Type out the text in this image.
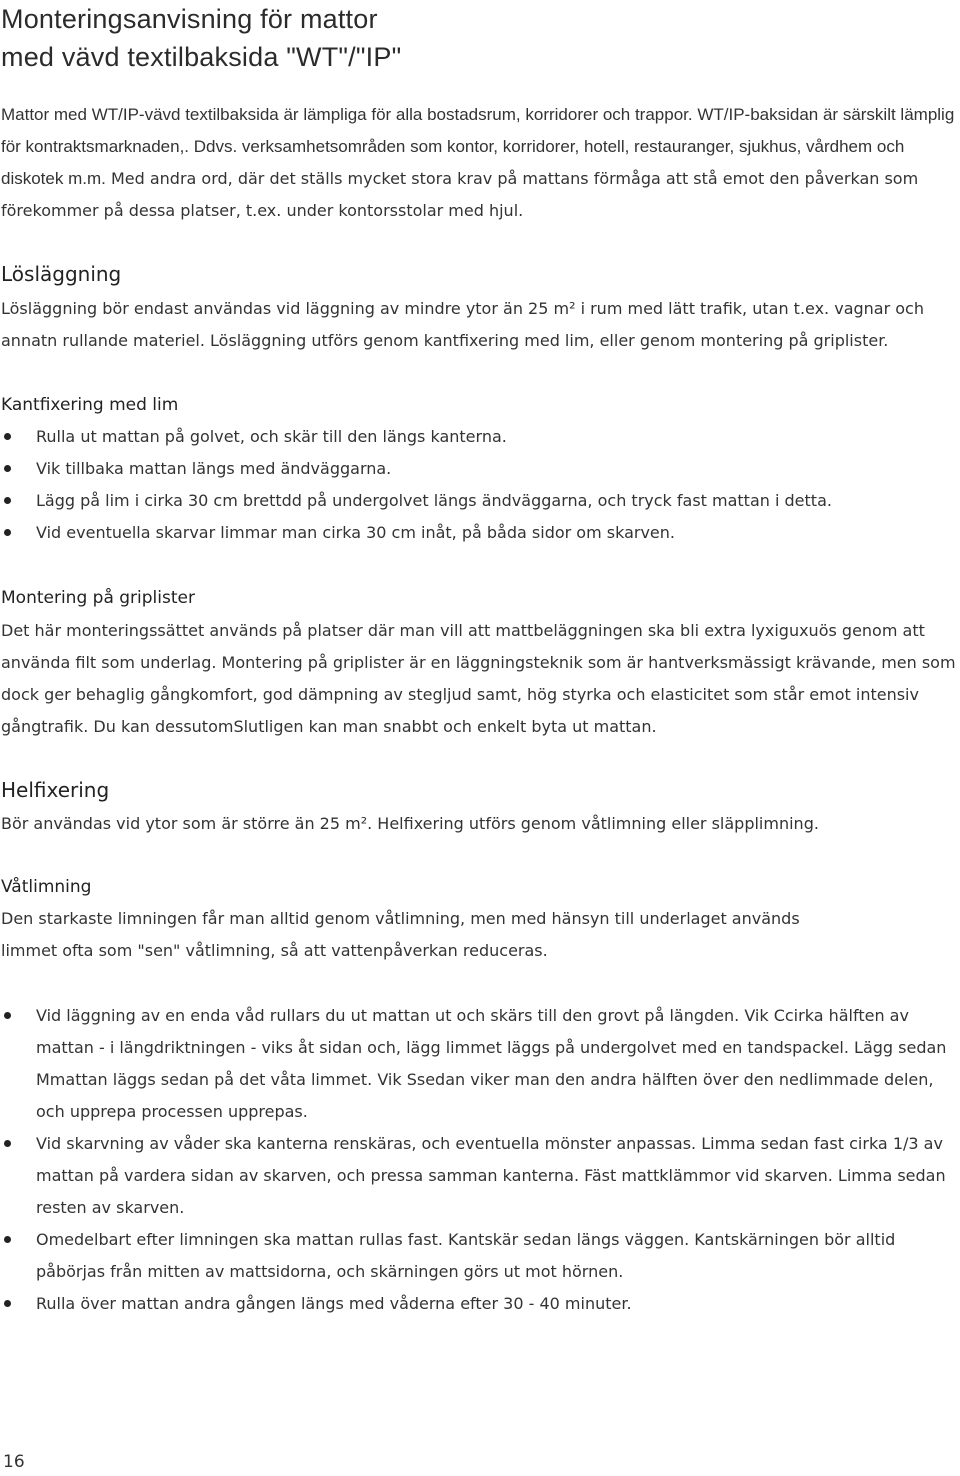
Monteringsanvisning för mattor
med vävd textilbaksida "WT"/"IP"

Mattor med WT/IP-vävd textilbaksida är lämpliga för alla bostadsrum, korridorer och trappor. WT/IP-baksidan är särskilt lämplig för kontraktsmarknaden,. Ddvs. verksamhetsområden som kontor, korridorer, hotell, restauranger, sjukhus, vårdhem och diskotek m.m. Med andra ord, där det ställs mycket stora krav på mattans förmåga att stå emot den påverkan som förekommer på dessa platser, t.ex. under kontorsstolar med hjul.

Lösläggning

Lösläggning bör endast användas vid läggning av mindre ytor än 25 m² i rum med lätt trafik, utan t.ex. vagnar och annatn rullande materiel. Lösläggning utförs genom kantfixering med lim, eller genom montering på griplister.

Kantfixering med lim
Rulla ut mattan på golvet, och skär till den längs kanterna.
Vik tillbaka mattan längs med ändväggarna.
Lägg på lim i cirka 30 cm brettdd på undergolvet längs ändväggarna, och tryck fast mattan i detta.
Vid eventuella skarvar limmar man cirka 30 cm inåt, på båda sidor om skarven.
Montering på griplister

Det här monteringssättet används på platser där man vill att mattbeläggningen ska bli extra lyxiguxuös genom att använda filt som underlag. Montering på griplister är en läggningsteknik som är hantverksmässigt krävande, men som dock ger behaglig gångkomfort, god dämpning av stegljud samt, hög styrka och elasticitet som står emot intensiv gångtrafik. Du kan dessutomSlutligen kan man snabbt och enkelt byta ut mattan.

Helfixering

Bör användas vid ytor som är större än 25 m². Helfixering utförs genom våtlimning eller släpplimning.

Våtlimning

Den starkaste limningen får man alltid genom våtlimning, men med hänsyn till underlaget används limmet ofta som "sen" våtlimning, så att vattenpåverkan reduceras.

Vid läggning av en enda våd rullars du ut mattan ut och skärs till den grovt på längden. Vik Ccirka hälften av mattan - i längdriktningen - viks åt sidan och, lägg limmet läggs på undergolvet med en tandspackel. Lägg sedan Mmattan läggs sedan på det våta limmet. Vik Ssedan viker man den andra hälften över den nedlimmade delen, och upprepa processen upprepas.
Vid skarvning av våder ska kanterna renskäras, och eventuella mönster anpassas. Limma sedan fast cirka 1/3 av mattan på vardera sidan av skarven, och pressa samman kanterna. Fäst mattklämmor vid skarven. Limma sedan resten av skarven.
Omedelbart efter limningen ska mattan rullas fast. Kantskär sedan längs väggen. Kantskärningen bör alltid påbörjas från mitten av mattsidorna, och skärningen görs ut mot hörnen.
Rulla över mattan andra gången längs med våderna efter 30 - 40 minuter.
16
